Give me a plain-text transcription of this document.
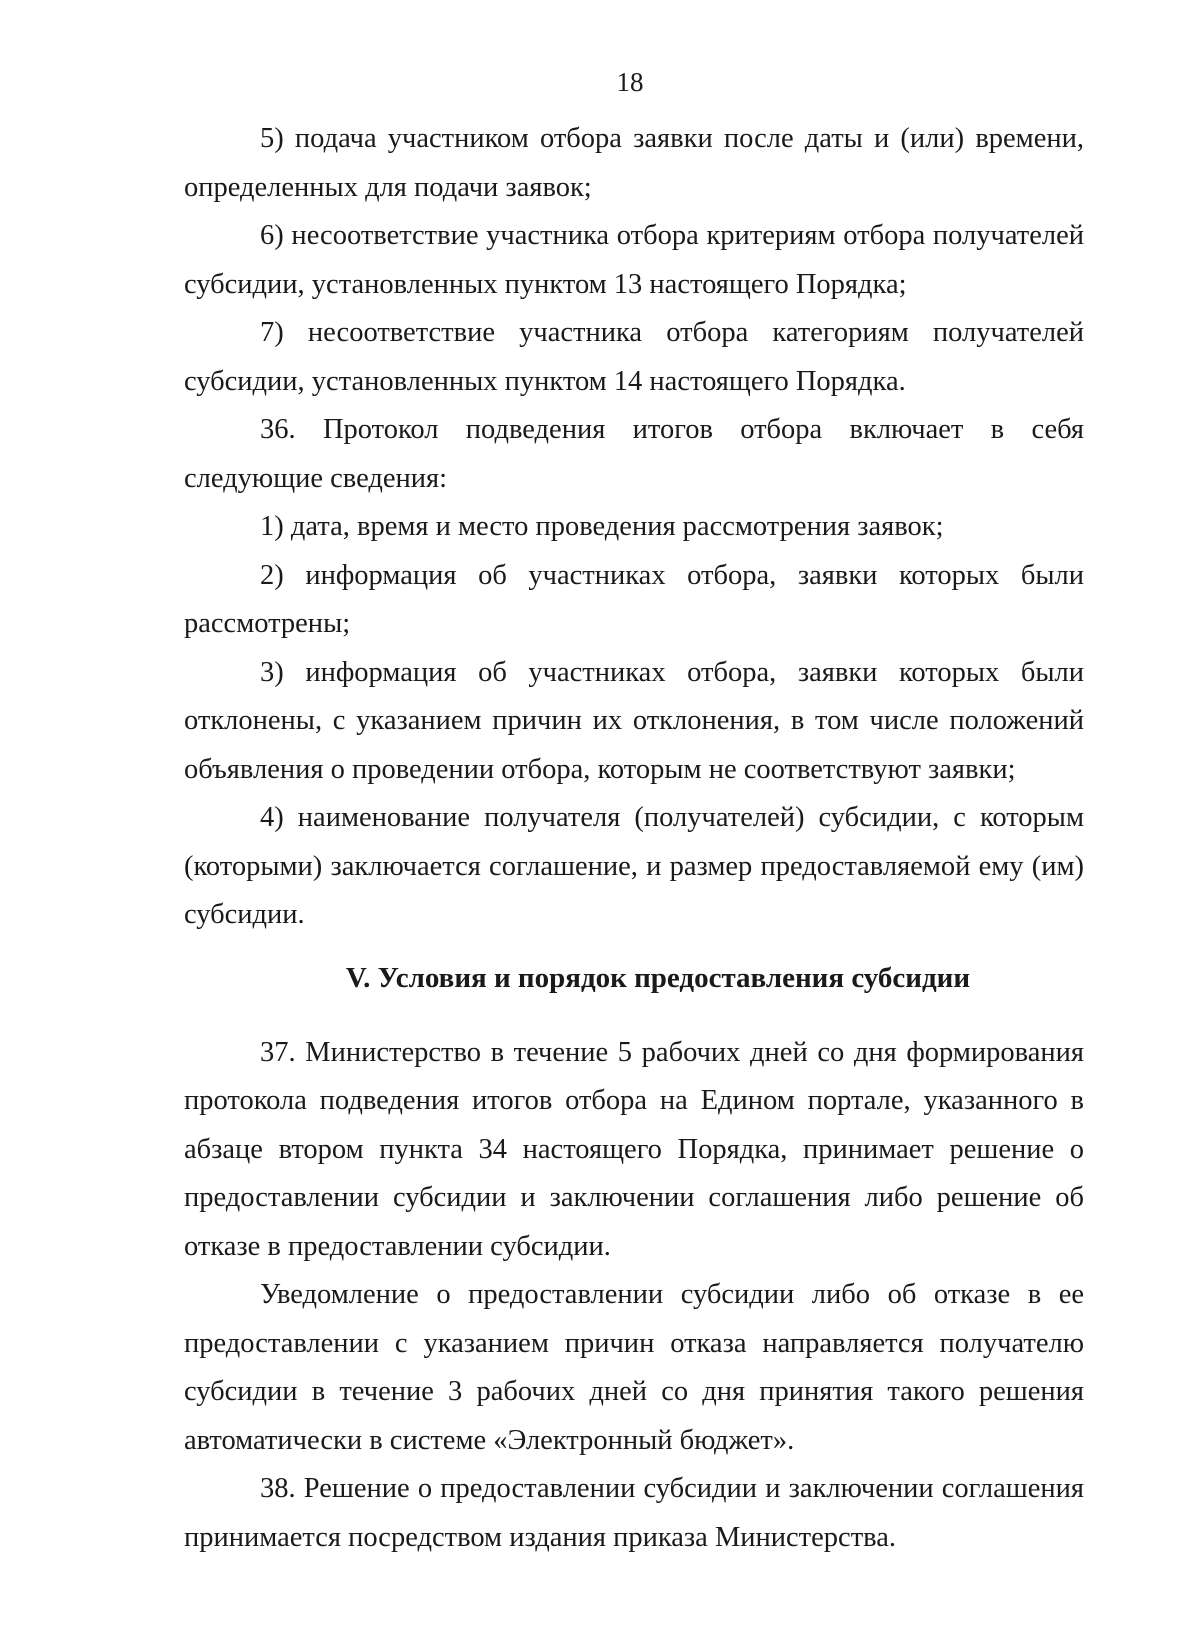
18

5) подача участником отбора заявки после даты и (или) времени, определенных для подачи заявок;

6) несоответствие участника отбора критериям отбора получателей субсидии, установленных пунктом 13 настоящего Порядка;

7) несоответствие участника отбора категориям получателей субсидии, установленных пунктом 14 настоящего Порядка.

36. Протокол подведения итогов отбора включает в себя следующие сведения:

1) дата, время и место проведения рассмотрения заявок;

2) информация об участниках отбора, заявки которых были рассмотрены;

3) информация об участниках отбора, заявки которых были отклонены, с указанием причин их отклонения, в том числе положений объявления о проведении отбора, которым не соответствуют заявки;

4) наименование получателя (получателей) субсидии, с которым (которыми) заключается соглашение, и размер предоставляемой ему (им) субсидии.

V. Условия и порядок предоставления субсидии

37. Министерство в течение 5 рабочих дней со дня формирования протокола подведения итогов отбора на Едином портале, указанного в абзаце втором пункта 34 настоящего Порядка, принимает решение о предоставлении субсидии и заключении соглашения либо решение об отказе в предоставлении субсидии.

Уведомление о предоставлении субсидии либо об отказе в ее предоставлении с указанием причин отказа направляется получателю субсидии в течение 3 рабочих дней со дня принятия такого решения автоматически в системе «Электронный бюджет».

38. Решение о предоставлении субсидии и заключении соглашения принимается посредством издания приказа Министерства.
